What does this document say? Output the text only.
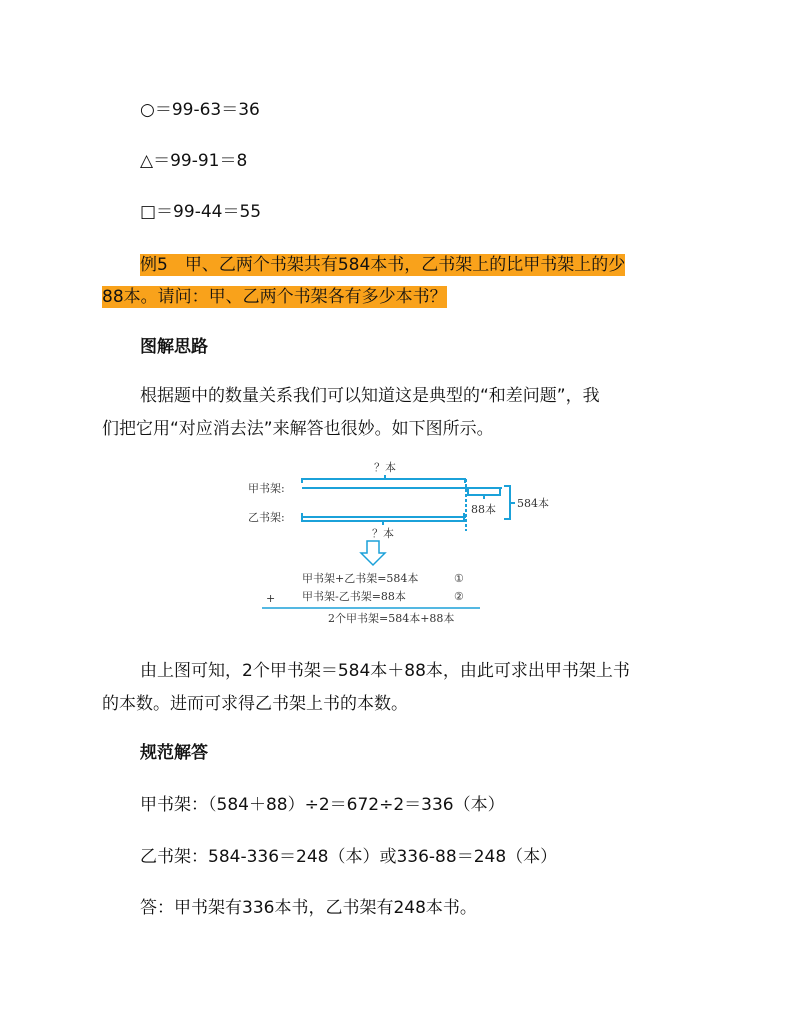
○＝99-63＝36
△＝99-91＝8
□＝99-44＝55
例5　甲、乙两个书架共有584本书，乙书架上的比甲书架上的少
88本。请问：甲、乙两个书架各有多少本书？
图解思路

根据题中的数量关系我们可以知道这是典型的“和差问题”，我

们把它用“对应消去法”来解答也很妙。如下图所示。

？本
甲书架:
乙书架:
88本 584本
？本
甲书架+乙书架=584本	①
+ 甲书架-乙书架=88本	②
2个甲书架=584本+88本

由上图可知，2个甲书架＝584本＋88本，由此可求出甲书架上书

的本数。进而可求得乙书架上书的本数。

规范解答
甲书架：（584＋88）÷2＝672÷2＝336（本）
乙书架：584-336＝248（本）或336-88＝248（本）
答：甲书架有336本书，乙书架有248本书。
